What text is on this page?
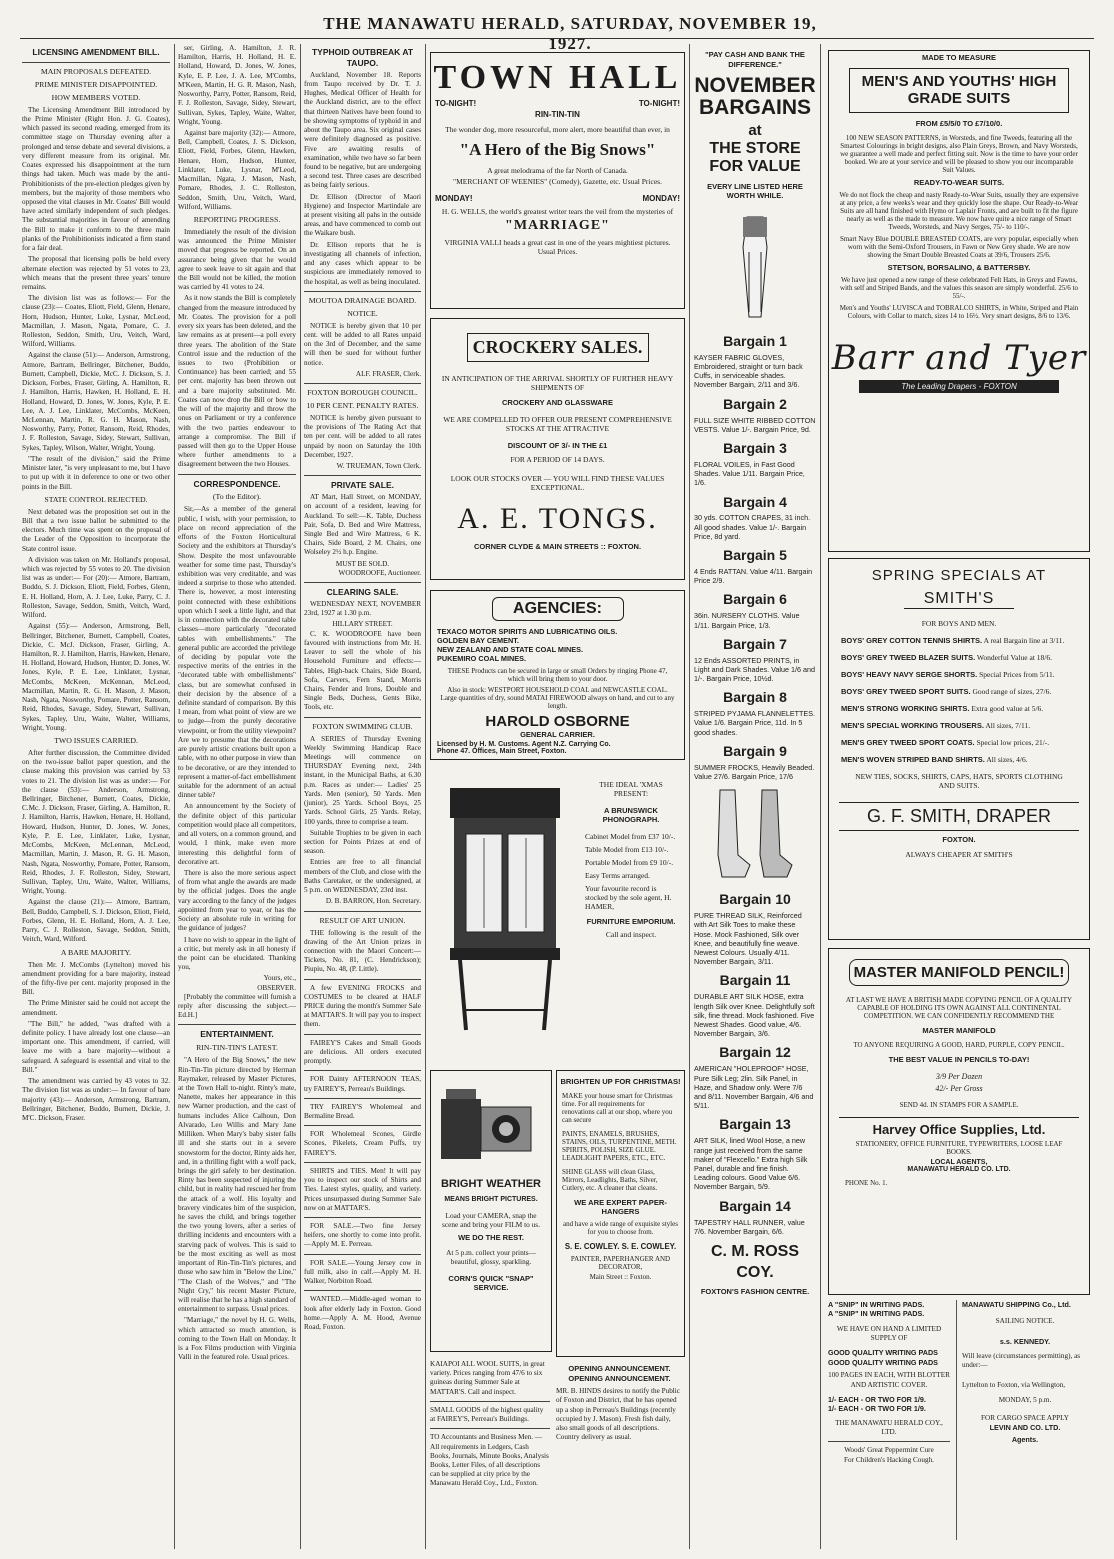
THE MANAWATU HERALD, SATURDAY, NOVEMBER 19, 1927.
LICENSING AMENDMENT BILL.
MAIN PROPOSALS DEFEATED.
PRIME MINISTER DISAPPOINTED.
HOW MEMBERS VOTED.

The Licensing Amendment Bill introduced by the Prime Minister (Right Hon. J. G. Coates), which passed its second reading, emerged from its committee stage on Thursday evening after a prolonged and tense debate and several divisions, a very different measure from its original. Mr. Coates expressed his disappointment at the turn things had taken. Much was made by the anti-Prohibitionists of the pre-election pledges given by members, but the majority of those members who opposed the vital clauses in Mr. Coates' Bill would have acted similarly independent of such pledges. The substantial majorities in favour of amending the Bill to make it conform to the three main planks of the Prohibitionists indicated a firm stand for a fair deal.

The proposal that licensing polls be held every alternate election was rejected by 51 votes to 23, which means that the present three years' tenure remains.

The division list was as follows:— For the clause (23):— Coates, Eliott, Field, Glenn, Henare, Horn, Hudson, Hunter, Luke, Lysnar, McLeod, Macmillan, J. Mason, Ngata, Pomare, C. J. Rolleston, Seddon, Smith, Uru, Veitch, Ward, Wilford, Williams.

Against the clause (51):— Anderson, Armstrong, Atmore, Bartram, Bellringer, Bitchener, Buddo, Burnett, Campbell, Dickie, McC. J. Dickson, S. J. Dickson, Forbes, Fraser, Girling, A. Hamilton, R. J. Hamilton, Harris, Hawken, H. Holland, E. H. Holland, Howard, D. Jones, W. Jones, Kyle, P. E. Lee, A. J. Lee, Linklater, McCombs, McKeen, McLennan, Martin, R. G. H. Mason, Nash, Nosworthy, Parry, Potter, Ransom, Reid, Rhodes, J. F. Rolleston, Savage, Sidey, Stewart, Sullivan, Sykes, Tapley, Wilson, Walter, Wright, Young.

"The result of the division," said the Prime Minister later, "is very unpleasant to me, but I have to put up with it in deference to one or two other points in the Bill.

STATE CONTROL REJECTED.

Next debated was the proposition set out in the Bill that a two issue ballot be submitted to the electors. Much time was spent on the proposal of the Leader of the Opposition to incorporate the State control issue.

A division was taken on Mr. Holland's proposal, which was rejected by 55 votes to 20. The division list was as under:— For (20):— Atmore, Bartram, Buddo, S. J. Dickson, Eliott, Field, Forbes, Glenn, E. H. Holland, Horn, A. J. Lee, Luke, Parry, C. J. Rolleston, Savage, Seddon, Smith, Veitch, Ward, Wilford.

Against (55):— Anderson, Armstrong, Bell, Bellringer, Bitchener, Burnett, Campbell, Coates, Dickie, C. McJ. Dickson, Fraser, Girling, A. Hamilton, R. J. Hamilton, Harris, Hawken, Henare, H. Holland, Howard, Hudson, Hunter, D. Jones, W. Jones, Kyle, P. E. Lee, Linklater, Lysnar, McCombs, McKeen, McKennan, McLeod, Macmillan, Martin, R. G. H. Mason, J. Mason, Nash, Ngata, Nosworthy, Pomare, Potter, Ransom, Reid, Rhodes, Savage, Sidey, Stewart, Sullivan, Sykes, Tapley, Uru, Waite, Walter, Williams, Wright, Young.

TWO ISSUES CARRIED.

After further discussion, the Committee divided on the two-issue ballot paper question, and the clause making this provision was carried by 53 votes to 21. The division list was as under:— For the clause (53):— Anderson, Armstrong, Bellringer, Bitchener, Burnett, Coates, Dickie, C.Mc. J. Dickson, Fraser, Girling, A. Hamilton, R. J. Hamilton, Harris, Hawken, Henare, H. Holland, Howard, Hudson, Hunter, D. Jones, W. Jones, Kyle, P. E. Lee, Linklater, Luke, Lysnar, McCombs, McKeen, McLennan, McLeod, Macmillan, Martin, J. Mason, R. G. H. Mason, Nash, Ngata, Nosworthy, Pomare, Potter, Ransom, Reid, Rhodes, J. F. Rolleston, Sidey, Stewart, Sullivan, Tapley, Uru, Waite, Walter, Williams, Wright, Young.

Against the clause (21):— Atmore, Bartram, Bell, Buddo, Campbell, S. J. Dickson, Eliott, Field, Forbes, Glenn, H. E. Holland, Horn, A. J. Lee, Parry, C. J. Rolleston, Savage, Seddon, Smith, Veitch, Ward, Wilford.

A BARE MAJORITY.

Then Mr. J. McCombs (Lyttelton) moved his amendment providing for a bare majority, instead of the fifty-five per cent. majority proposed in the Bill.

The Prime Minister said he could not accept the amendment.

"The Bill," he added, "was drafted with a definite policy. I have already lost one clause—an important one. This amendment, if carried, will leave me with a bare majority—without a safeguard. A safeguard is essential and vital to the Bill."

The amendment was carried by 43 votes to 32. The division list was as under:— In favour of bare majority (43):— Anderson, Armstrong, Bartram, Bellringer, Bitchener, Buddo, Burnett, Dickie, J. M'C. Dickson, Fraser.

ser, Girling, A. Hamilton, J. R. Hamilton, Harris, H. Holland, H. E. Holland, Howard, D. Jones, W. Jones, Kyle, E. P. Lee, J. A. Lee, M'Combs, M'Keen, Martin, H. G. R. Mason, Nash, Nosworthy, Parry, Potter, Ransom, Reid, F. J. Rolleston, Savage, Sidey, Stewart, Sullivan, Sykes, Tapley, Waite, Walter, Wright, Young.

Against bare majority (32):— Atmore, Bell, Campbell, Coates, J. S. Dickson, Eliott, Field, Forbes, Glenn, Hawken, Henare, Horn, Hudson, Hunter, Linklater, Luke, Lysnar, M'Leod, Macmillan, Ngata, J. Mason, Nash, Pomare, Rhodes, J. C. Rolleston, Seddon, Smith, Uru, Veitch, Ward, Wilford, Williams.

REPORTING PROGRESS.

Immediately the result of the division was announced the Prime Minister moved that progress be reported. On an assurance being given that he would agree to seek leave to sit again and that the Bill would not be killed, the motion was carried by 41 votes to 24.

As it now stands the Bill is completely changed from the measure introduced by Mr. Coates. The provision for a poll every six years has been deleted, and the law remains as at present—a poll every three years. The abolition of the State Control issue and the reduction of the issues to two (Prohibition or Continuance) has been carried; and 55 per cent. majority has been thrown out and a bare majority substituted. Mr. Coates can now drop the Bill or bow to the will of the majority and throw the onus on Parliament or try a conference with the two parties endeavour to arrange a compromise. The Bill if passed will then go to the Upper House where further amendments to a disagreement between the two Houses.

CORRESPONDENCE.
(To the Editor).

Sir,—As a member of the general public, I wish, with your permission, to place on record appreciation of the efforts of the Foxton Horticultural Society and the exhibitors at Thursday's Show. Despite the most unfavourable weather for some time past, Thursday's exhibition was very creditable, and was indeed a surprise to those who attended. There is, however, a most interesting point connected with these exhibitions upon which I seek a little light, and that is in connection with the decorated table classes—more particularly "decorated tables with embellishments." The general public are accorded the privilege of deciding by popular vote the respective merits of the entries in the "decorated table with embellishments" class, but are somewhat confused in their decision by the absence of a definite standard of comparison. By this I mean, from what point of view are we to judge—from the purely decorative viewpoint, or from the utility viewpoint? Are we to presume that the decorations are purely artistic creations built upon a table, with no other purpose in view than to be decorative, or are they intended to represent a matter-of-fact embellishment suitable for the adornment of an actual dinner table?

An announcement by the Society of the definite object of this particular competition would place all competitors, and all voters, on a common ground, and would, I think, make even more interesting this delightful form of decorative art.

There is also the more serious aspect of from what angle the awards are made by the official judges. Does the angle vary according to the fancy of the judges appointed from year to year, or has the Society an absolute rule in writing for the guidance of judges?

I have no wish to appear in the light of a critic, but merely ask in all honesty if the point can be elucidated. Thanking you,

Yours, etc.,
OBSERVER.

[Probably the committee will furnish a reply after discussing the subject.—Ed.H.]

ENTERTAINMENT.
RIN-TIN-TIN'S LATEST.

"A Hero of the Big Snows," the new Rin-Tin-Tin picture directed by Herman Raymaker, released by Master Pictures, at the Town Hall to-night. Rinty's mate, Nanette, makes her appearance in this new Warner production, and the cast of humans includes Alice Calhoun, Don Alvarado, Leo Willis and Mary Jane Milliken. When Mary's baby sister falls ill and she starts out in a severe snowstorm for the doctor, Rinty aids her, and, in a thrilling fight with a wolf pack, brings the girl safely to her destination. Rinty has been suspected of injuring the child, but in reality had rescued her from the attack of a wolf. His loyalty and bravery vindicates him of the suspicion, he saves the child, and brings together the two young lovers, after a series of thrilling incidents and encounters with a starving pack of wolves. This is said to be the most exciting as well as most important of Rin-Tin-Tin's pictures, and those who saw him in "Below the Line," "The Clash of the Wolves," and "The Night Cry," his recent Master Picture, will realise that he has a high standard of entertainment to surpass. Usual prices.

"Marriage," the novel by H. G. Wells, which attracted so much attention, is coming to the Town Hall on Monday. It is a Fox Films production with Virginia Valli in the featured role. Usual prices.

TYPHOID OUTBREAK AT TAUPO.

Auckland, November 18. Reports from Taupo received by Dr. T. J. Hughes, Medical Officer of Health for the Auckland district, are to the effect that thirteen Natives have been found to be showing symptoms of typhoid in and about the Taupo area. Six original cases were definitely diagnosed as positive. Five are awaiting results of examination, while two have so far been found to be negative, but are undergoing a second test. Three cases are described as being fairly serious.

Dr. Ellison (Director of Maori Hygiene) and Inspector Martindale are at present visiting all pahs in the outside areas, and have commenced to comb out the Waikare bush.

Dr. Ellison reports that he is investigating all channels of infection, and any cases which appear to be suspicious are immediately removed to the hospital, as well as being inoculated.

MOUTOA DRAINAGE BOARD.
NOTICE.

NOTICE is hereby given that 10 per cent. will be added to all Rates unpaid on the 3rd of December, and the same will then be sued for without further notice.

ALF. FRASER, Clerk.
FOXTON BOROUGH COUNCIL.
10 PER CENT. PENALTY RATES.

NOTICE is hereby given pursuant to the provisions of The Rating Act that ten per cent. will be added to all rates unpaid by noon on Saturday the 10th December, 1927.

W. TRUEMAN, Town Clerk.
PRIVATE SALE.

AT Mart, Hall Street, on MONDAY, on account of a resident, leaving for Auckland. To sell:—K. Table, Duchess Pair, Sofa, D. Bed and Wire Mattress, Single Bed and Wire Mattress, 6 K. Chairs, Side Board, 2 M. Chairs, one Wolseley 2½ h.p. Engine.

MUST BE SOLD.
WOODROOFE, Auctioneer.
CLEARING SALE.

WEDNESDAY NEXT, NOVEMBER 23rd, 1927 at 1.30 p.m.

HILLARY STREET.

C. K. WOODROOFE have been favoured with instructions from Mr. H. Leaver to sell the whole of his Household Furniture and effects:—Tables, High-back Chairs, Side Board, Sofa, Carvers, Fern Stand, Morris Chairs, Fender and Irons, Double and Single Beds, Duchess, Gents Bike, Tools, etc.

FOXTON SWIMMING CLUB.

A SERIES of Thursday Evening Weekly Swimming Handicap Race Meetings will commence on THURSDAY Evening next, 24th instant, in the Municipal Baths, at 6.30 p.m. Races as under:— Ladies' 25 Yards. Men (senior), 50 Yards. Men (junior), 25 Yards. School Boys, 25 Yards. School Girls, 25 Yards. Relay, 100 yards, three to comprise a team.

Suitable Trophies to be given in each section for Points Prizes at end of season.

Entries are free to all financial members of the Club, and close with the Baths Caretaker, or the undersigned, at 5 p.m. on WEDNESDAY, 23rd inst.

D. B. BARRON, Hon. Secretary.
RESULT OF ART UNION.

THE following is the result of the drawing of the Art Union prizes in connection with the Maori Concert:—Tickets, No. 81, (C. Hendrickson); Piupiu, No. 48, (P. Little).

A few EVENING FROCKS and COSTUMES to be cleared at HALF PRICE during the month's Summer Sale at MATTAR'S. It will pay you to inspect them.

FAIREY'S Cakes and Small Goods are delicious. All orders executed promptly.

FOR Dainty AFTERNOON TEAS, try FAIREY'S, Perreau's Buildings.

TRY FAIREY'S Wholemeal and Bermaline Bread.

FOR Wholemeal Scones, Girdle Scones, Pikelets, Cream Puffs, try FAIREY'S.

SHIRTS and TIES. Men! It will pay you to inspect our stock of Shirts and Ties. Latest styles, quality, and variety. Prices unsurpassed during Summer Sale now on at MATTAR'S.

FOR SALE.—Two fine Jersey heifers, one shortly to come into profit.—Apply M. E. Perreau.

FOR SALE.—Young Jersey cow in full milk, also in calf.—Apply M. H. Walker, Norbiton Road.

WANTED.—Middle-aged woman to look after elderly lady in Foxton. Good home.—Apply A. M. Hood, Avenue Road, Foxton.

TOWN HALL
TO-NIGHT!	TO-NIGHT!
RIN-TIN-TIN
The wonder dog, more resourceful, more alert, more beautiful than ever, in
"A Hero of the Big Snows"
A great melodrama of the far North of Canada.
"MERCHANT OF WEENIES" (Comedy), Gazette, etc. Usual Prices.
MONDAY!	MONDAY!
H. G. WELLS, the world's greatest writer tears the veil from the mysteries of
"MARRIAGE"
VIRGINIA VALLI heads a great cast in one of the years mightiest pictures. Usual Prices.
CROCKERY SALES.
IN ANTICIPATION OF THE ARRIVAL SHORTLY OF FURTHER HEAVY SHIPMENTS OF
CROCKERY AND GLASSWARE
WE ARE COMPELLED TO OFFER OUR PRESENT COMPREHENSIVE STOCKS AT THE ATTRACTIVE
DISCOUNT OF 3/- IN THE £1
FOR A PERIOD OF 14 DAYS.
LOOK OUR STOCKS OVER — YOU WILL FIND THESE VALUES EXCEPTIONAL.
A. E. TONGS.
CORNER CLYDE & MAIN STREETS :: FOXTON.
AGENCIES:
TEXACO MOTOR SPIRITS AND LUBRICATING OILS.
GOLDEN BAY CEMENT.
NEW ZEALAND AND STATE COAL MINES.
PUKEMIRO COAL MINES.
THESE Products can be secured in large or small Orders by ringing Phone 47, which will bring them to your door.
Also in stock: WESTPORT HOUSEHOLD COAL and NEWCASTLE COAL. Large quantities of dry, sound MATAI FIREWOOD always on hand, and cut to any length.
HAROLD OSBORNE
GENERAL CARRIER.
Licensed by H. M. Customs. Agent N.Z. Carrying Co.
Phone 47. Offices, Main Street, Foxton.
THE IDEAL 'XMAS PRESENT:
A BRUNSWICK PHONOGRAPH.
Cabinet Model from £37 10/-.
Table Model from £13 10/-.
Portable Model from £9 10/-.
Easy Terms arranged.
Your favourite record is stocked by the sole agent, H. HAMER,
FURNITURE EMPORIUM.
Call and inspect.
BRIGHT WEATHER
MEANS BRIGHT PICTURES.
Load your CAMERA, snap the scene and bring your FILM to us.
WE DO THE REST.
At 5 p.m. collect your prints—beautiful, glossy, sparkling.
CORN'S QUICK "SNAP" SERVICE.
BRIGHTEN UP FOR CHRISTMAS!
MAKE your house smart for Christmas time. For all requirements for renovations call at our shop, where you can secure
PAINTS, ENAMELS, BRUSHES, STAINS, OILS, TURPENTINE, METH. SPIRITS, POLISH, SIZE GLUE. LEADLIGHT PAPERS, ETC., ETC.
SHINE GLASS will clean Glass, Mirrors, Leadlights, Baths, Silver, Cutlery, etc. A cleaner that cleans.
WE ARE EXPERT PAPER-HANGERS
and have a wide range of exquisite styles for you to choose from.
S. E. COWLEY. S. E. COWLEY.
PAINTER, PAPERHANGER AND DECORATOR,
Main Street :: Foxton.

KAIAPOI ALL WOOL SUITS, in great variety. Prices ranging from 47/6 to six guineas during Summer Sale at MATTAR'S. Call and inspect.

SMALL GOODS of the highest quality at FAIREY'S, Perreau's Buildings.

TO Accountants and Business Men. —All requirements in Ledgers, Cash Books, Journals, Minute Books, Analysis Books, Letter Files, of all descriptions can be supplied at city price by the Manawatu Herald Coy., Ltd., Foxton.

OPENING ANNOUNCEMENT.
OPENING ANNOUNCEMENT.

MR. B. HINDS desires to notify the Public of Foxton and District, that he has opened up a shop in Perreau's Buildings (recently occupied by J. Mason). Fresh fish daily, also small goods of all descriptions. Country delivery as usual.

"PAY CASH AND BANK THE DIFFERENCE."
NOVEMBER BARGAINS
at
THE STORE FOR VALUE
EVERY LINE LISTED HERE WORTH WHILE.
Bargain 1
KAYSER FABRIC GLOVES, Embroidered, straight or turn back Cuffs, in serviceable shades. November Bargain, 2/11 and 3/6.
Bargain 2
FULL SIZE WHITE RIBBED COTTON VESTS. Value 1/-. Bargain Price, 9d.
Bargain 3
FLORAL VOILES, in Fast Good Shades. Value 1/11. Bargain Price, 1/6.
Bargain 4
30 yds. COTTON CRAPES, 31 inch. All good shades. Value 1/-. Bargain Price, 8d yard.
Bargain 5
4 Ends RATTAN. Value 4/11. Bargain Price 2/9.
Bargain 6
36in. NURSERY CLOTHS. Value 1/11. Bargain Price, 1/3.
Bargain 7
12 Ends ASSORTED PRINTS, in Light and Dark Shades. Value 1/6 and 1/-. Bargain Price, 10½d.
Bargain 8
STRIPED PYJAMA FLANNELETTES. Value 1/6. Bargain Price, 11d. In 5 good shades.
Bargain 9
SUMMER FROCKS, Heavily Beaded. Value 27/6. Bargain Price, 17/6
Bargain 10
PURE THREAD SILK, Reinforced with Art Silk Toes to make these Hose. Mock Fashioned, Silk over Knee, and beautifully fine weave. Newest Colours. Usually 4/11. November Bargain, 3/11.
Bargain 11
DURABLE ART SILK HOSE, extra length Silk over Knee. Delightfully soft silk, fine thread. Mock fashioned. Five Newest Shades. Good value, 4/6. November Bargain, 3/6.
Bargain 12
AMERICAN "HOLEPROOF" HOSE, Pure Silk Leg; 2lin. Silk Panel, in Haze, and Shadow only. Were 7/6 and 8/11. November Bargain, 4/6 and 5/11.
Bargain 13
ART SILK, lined Wool Hose, a new range just received from the same maker of "Flexcello." Extra high Silk Panel, durable and fine finish. Leading colours. Good Value 6/6. November Bargain, 5/9.
Bargain 14
TAPESTRY HALL RUNNER, value 7/6. November Bargain, 6/6.
C. M. ROSS COY.
FOXTON'S FASHION CENTRE.
MADE TO MEASURE
MEN'S AND YOUTHS' HIGH GRADE SUITS
FROM £5/5/0 TO £7/10/0.
100 NEW SEASON PATTERNS, in Worsteds, and fine Tweeds, featuring all the Smartest Colourings in bright designs, also Plain Greys, Brown, and Navy Worsteds, we guarantee a well made and perfect fitting suit. Now is the time to have your order booked. We are at your service and will be pleased to show you our incomparable Suit Values.
READY-TO-WEAR SUITS.
We do not flock the cheap and nasty Ready-to-Wear Suits, usually they are expensive at any price, a few weeks's wear and they quickly lose the shape. Our Ready-to-Wear Suits are all hand finished with Hymo or Laplair Fronts, and are built to fit the figure nearly as well as the made to measure. We now have quite a nice range of Smart Tweeds, Worsteds, and Navy Serges, 75/- to 110/-.
Smart Navy Blue DOUBLE BREASTED COATS, are very popular, especially when worn with the Semi-Oxford Trousers, in Fawn or New Grey shade. We are now showing the Smart Double Breasted Coats at 39/6, Trousers 25/6.
STETSON, BORSALINO, & BATTERSBY.
We have just opened a new range of these celebrated Felt Hats, in Greys and Fawns, with self and Striped Bands, and the values this season are simply wonderful. 25/6 to 55/-.
Men's and Youths' LUVISCA and TOBRALCO SHIRTS, in White, Striped and Plain Colours, with Collar to match, sizes 14 to 16½. Very smart designs, 8/6 to 13/6.
Barr and Tyer
The Leading Drapers - FOXTON
SPRING SPECIALS AT
SMITH'S
FOR BOYS AND MEN.
BOYS' GREY COTTON TENNIS SHIRTS. A real Bargain line at 3/11.
BOYS' GREY TWEED BLAZER SUITS. Wonderful Value at 18/6.
BOYS' HEAVY NAVY SERGE SHORTS. Special Prices from 5/11.
BOYS' GREY TWEED SPORT SUITS. Good range of sizes, 27/6.
MEN'S STRONG WORKING SHIRTS. Extra good value at 5/6.
MEN'S SPECIAL WORKING TROUSERS. All sizes, 7/11.
MEN'S GREY TWEED SPORT COATS. Special low prices, 21/-.
MEN'S WOVEN STRIPED BAND SHIRTS. All sizes, 4/6.
NEW TIES, SOCKS, SHIRTS, CAPS, HATS, SPORTS CLOTHING AND SUITS.
G. F. SMITH, DRAPER
FOXTON.
ALWAYS CHEAPER AT SMITH'S
MASTER MANIFOLD PENCIL!
AT LAST WE HAVE A BRITISH MADE COPYING PENCIL OF A QUALITY CAPABLE OF HOLDING ITS OWN AGAINST ALL CONTINENTAL COMPETITION. WE CAN CONFIDENTLY RECOMMEND THE
MASTER MANIFOLD
TO ANYONE REQUIRING A GOOD, HARD, PURPLE, COPY PENCIL.
THE BEST VALUE IN PENCILS TO-DAY!
3/9 Per Dozen
42/- Per Gross
SEND 4d. IN STAMPS FOR A SAMPLE.
Harvey Office Supplies, Ltd.
STATIONERY, OFFICE FURNITURE, TYPEWRITERS, LOOSE LEAF BOOKS.
LOCAL AGENTS,
MANAWATU HERALD CO. LTD.
PHONE No. 1.
A "SNIP" IN WRITING PADS.
A "SNIP" IN WRITING PADS.
WE HAVE ON HAND A LIMITED SUPPLY OF
GOOD QUALITY WRITING PADS
GOOD QUALITY WRITING PADS
100 PAGES IN EACH, WITH BLOTTER AND ARTISTIC COVER.
1/- EACH - OR TWO FOR 1/9.
1/- EACH - OR TWO FOR 1/9.
THE MANAWATU HERALD COY., LTD.
Woods' Great Peppermint Cure
For Children's Hacking Cough.
MANAWATU SHIPPING Co., Ltd.
SAILING NOTICE.
s.s. KENNEDY.
Will leave (circumstances permitting), as under:—
Lyttelton to Foxton, via Wellington,
MONDAY, 5 p.m.
FOR CARGO SPACE APPLY
LEVIN AND CO. LTD.
Agents.
